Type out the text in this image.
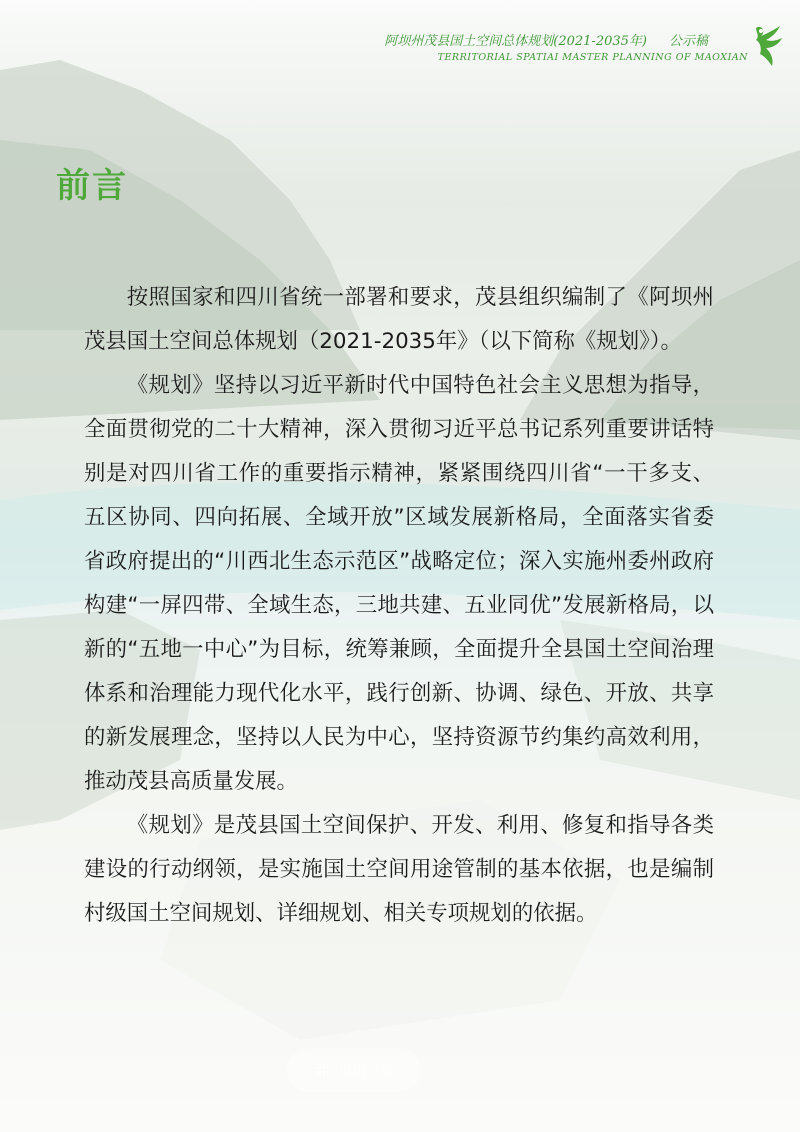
阿坝州茂县国土空间总体规划(2021-2035年) 公示稿
TERRITORIAL SPATIAI MASTER PLANNING OF MAOXIAN
前言

按照国家和四川省统一部署和要求，茂县组织编制了《阿坝州茂县国土空间总体规划（2021-2035年》（以下简称《规划》）。

《规划》坚持以习近平新时代中国特色社会主义思想为指导，全面贯彻党的二十大精神，深入贯彻习近平总书记系列重要讲话特别是对四川省工作的重要指示精神，紧紧围绕四川省“一干多支、五区协同、四向拓展、全域开放”区域发展新格局，全面落实省委省政府提出的“川西北生态示范区”战略定位；深入实施州委州政府构建“一屏四带、全域生态，三地共建、五业同优”发展新格局，以新的“五地一中心”为目标，统筹兼顾，全面提升全县国土空间治理体系和治理能力现代化水平，践行创新、协调、绿色、开放、共享的新发展理念，坚持以人民为中心，坚持资源节约集约高效利用，推动茂县高质量发展。

《规划》是茂县国土空间保护、开发、利用、修复和指导各类建设的行动纲领，是实施国土空间用途管制的基本依据，也是编制村级国土空间规划、详细规划、相关专项规划的依据。

退出全屏
